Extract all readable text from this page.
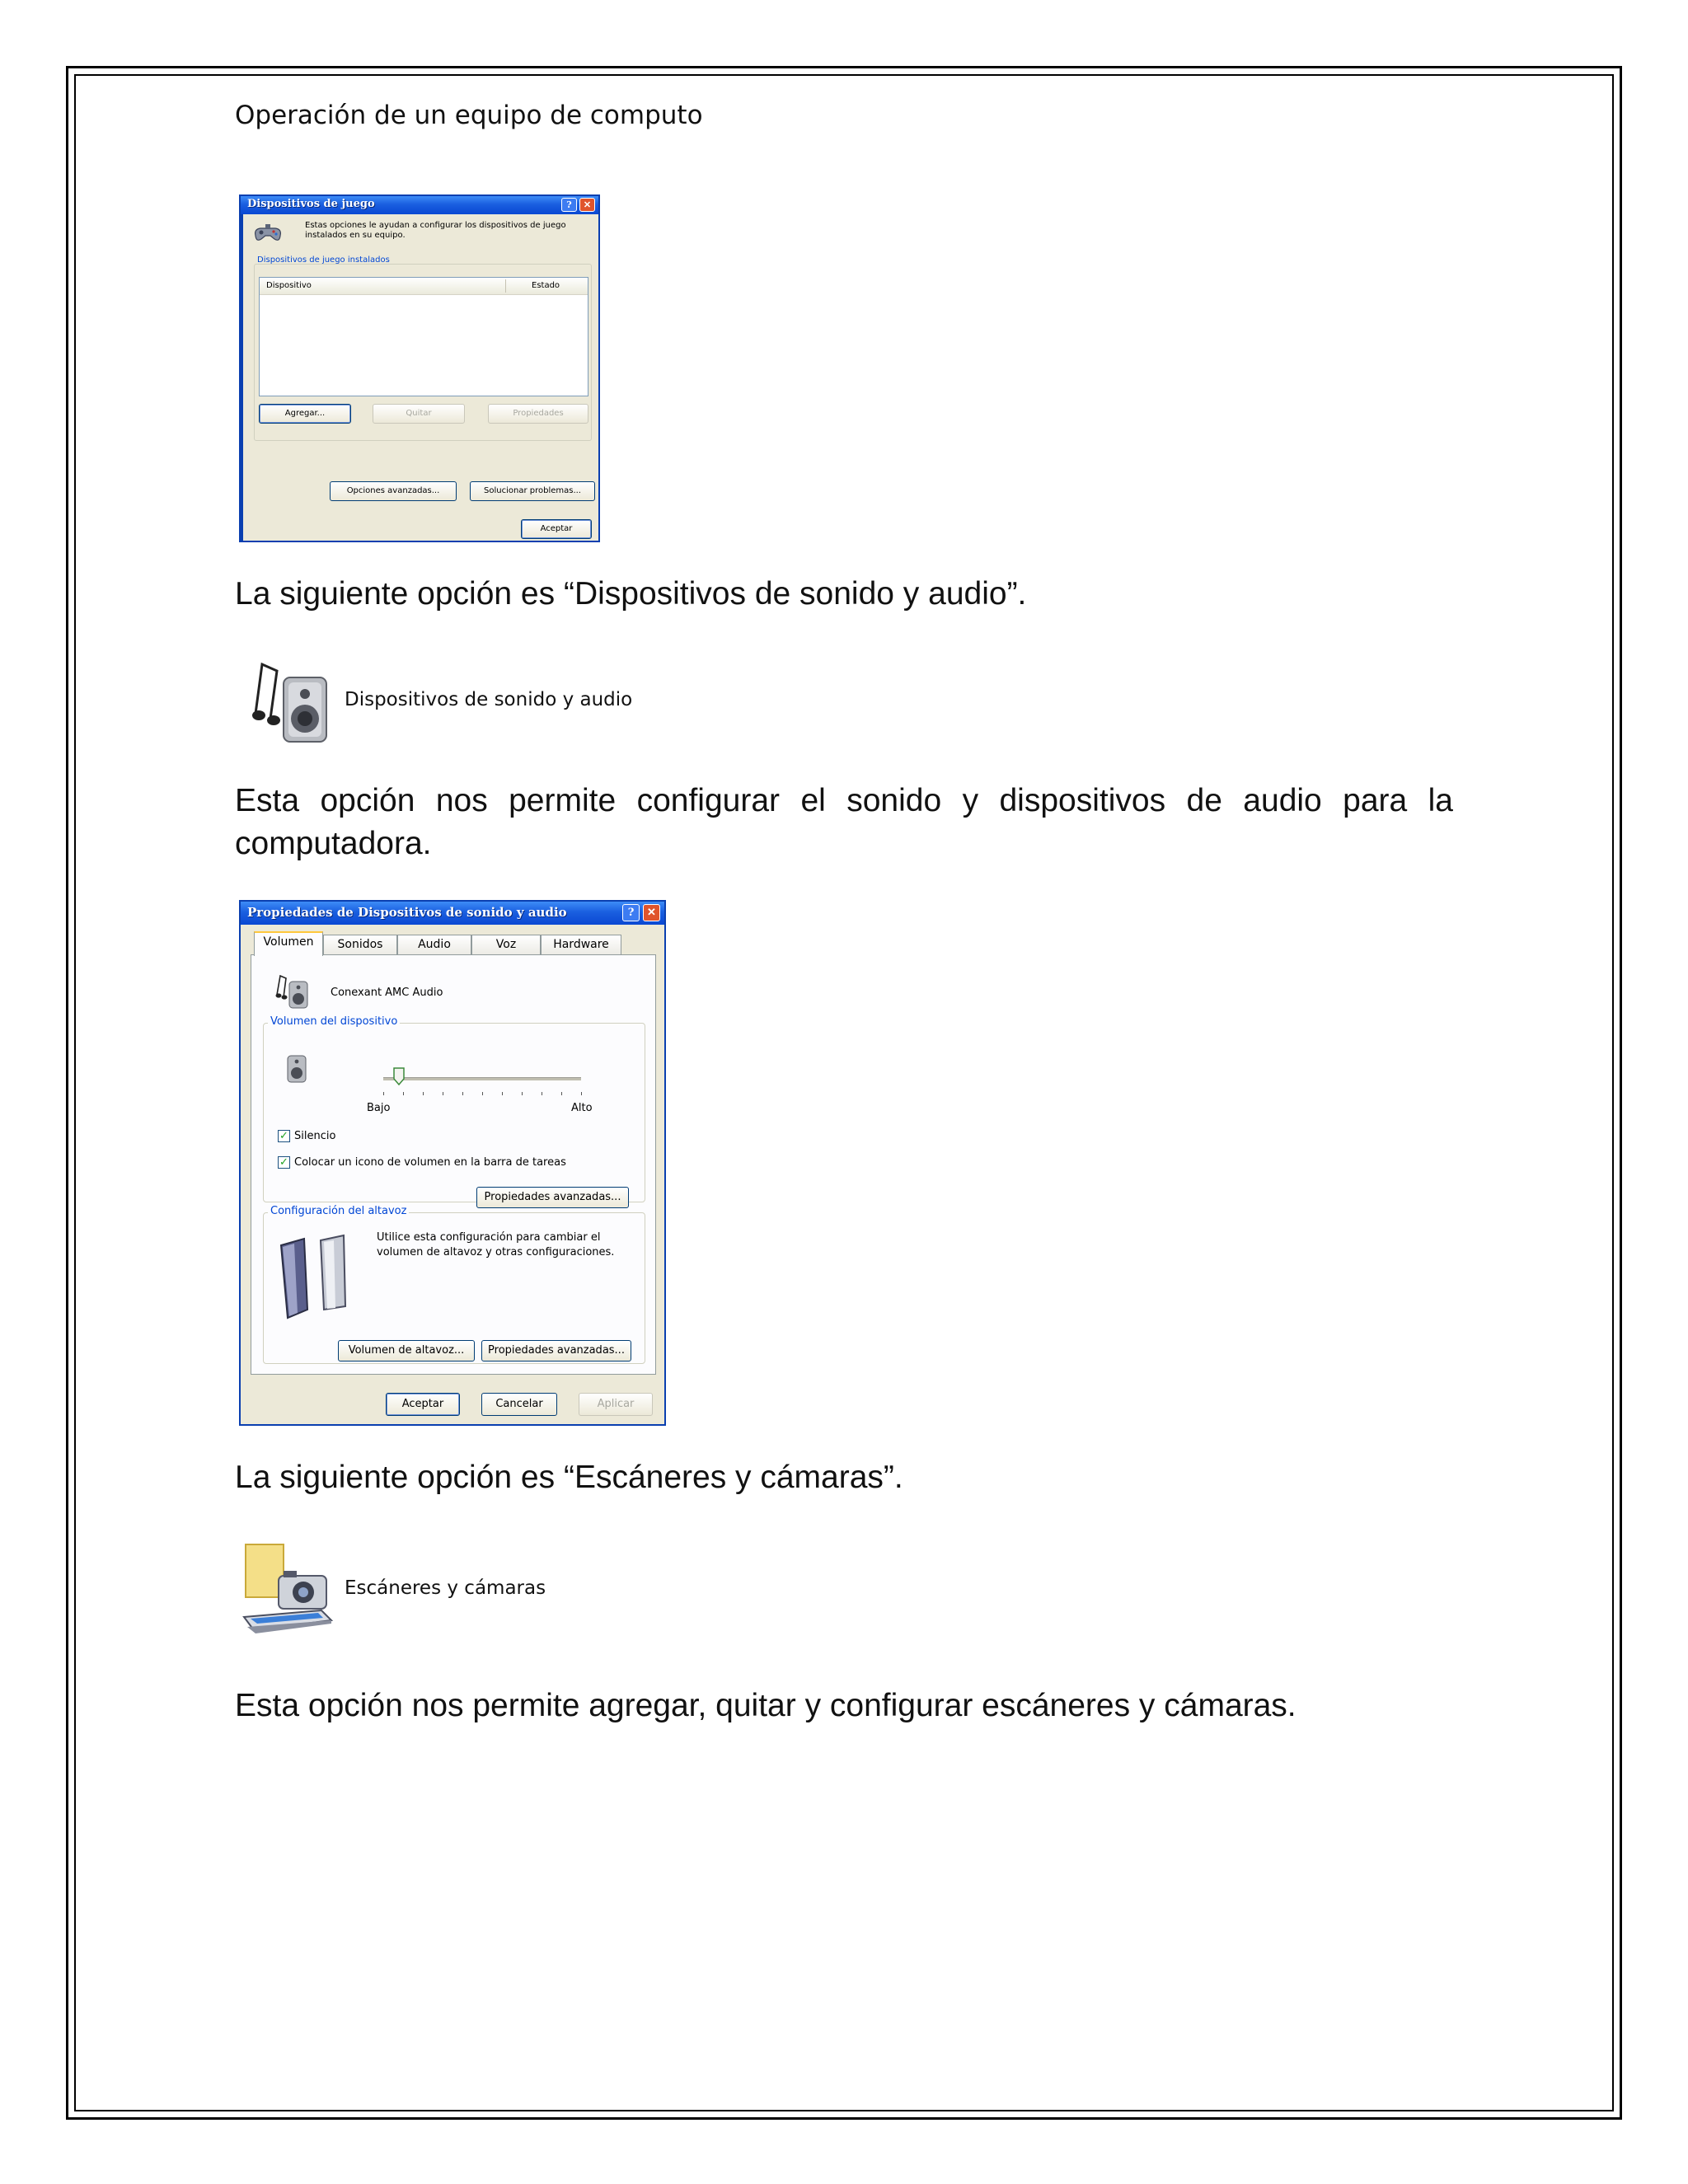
Operación de un equipo de computo
Dispositivos de juego	?	✕
Estas opciones le ayudan a configurar los dispositivos de juego instalados en su equipo.
Dispositivos de juego instalados
Dispositivo	Estado
Agregar...	Quitar	Propiedades
Opciones avanzadas...	Solucionar problemas...
Aceptar
La siguiente opción es “Dispositivos de sonido y audio”.
Dispositivos de sonido y audio
Esta opción nos permite configurar el sonido y dispositivos de audio para la computadora.
Propiedades de Dispositivos de sonido y audio	?	✕
Volumen	Sonidos	Audio	Voz	Hardware
Conexant AMC Audio
Volumen del dispositivo
Bajo	Alto
✓ Silencio
✓ Colocar un icono de volumen en la barra de tareas
Configuración del altavoz
Utilice esta configuración para cambiar el
volumen de altavoz y otras configuraciones.
Propiedades avanzadas...
Volumen de altavoz...	Propiedades avanzadas...
Aceptar	Cancelar	Aplicar
La siguiente opción es “Escáneres y cámaras”.
Escáneres y cámaras
Esta opción nos permite agregar, quitar y configurar escáneres y cámaras.
